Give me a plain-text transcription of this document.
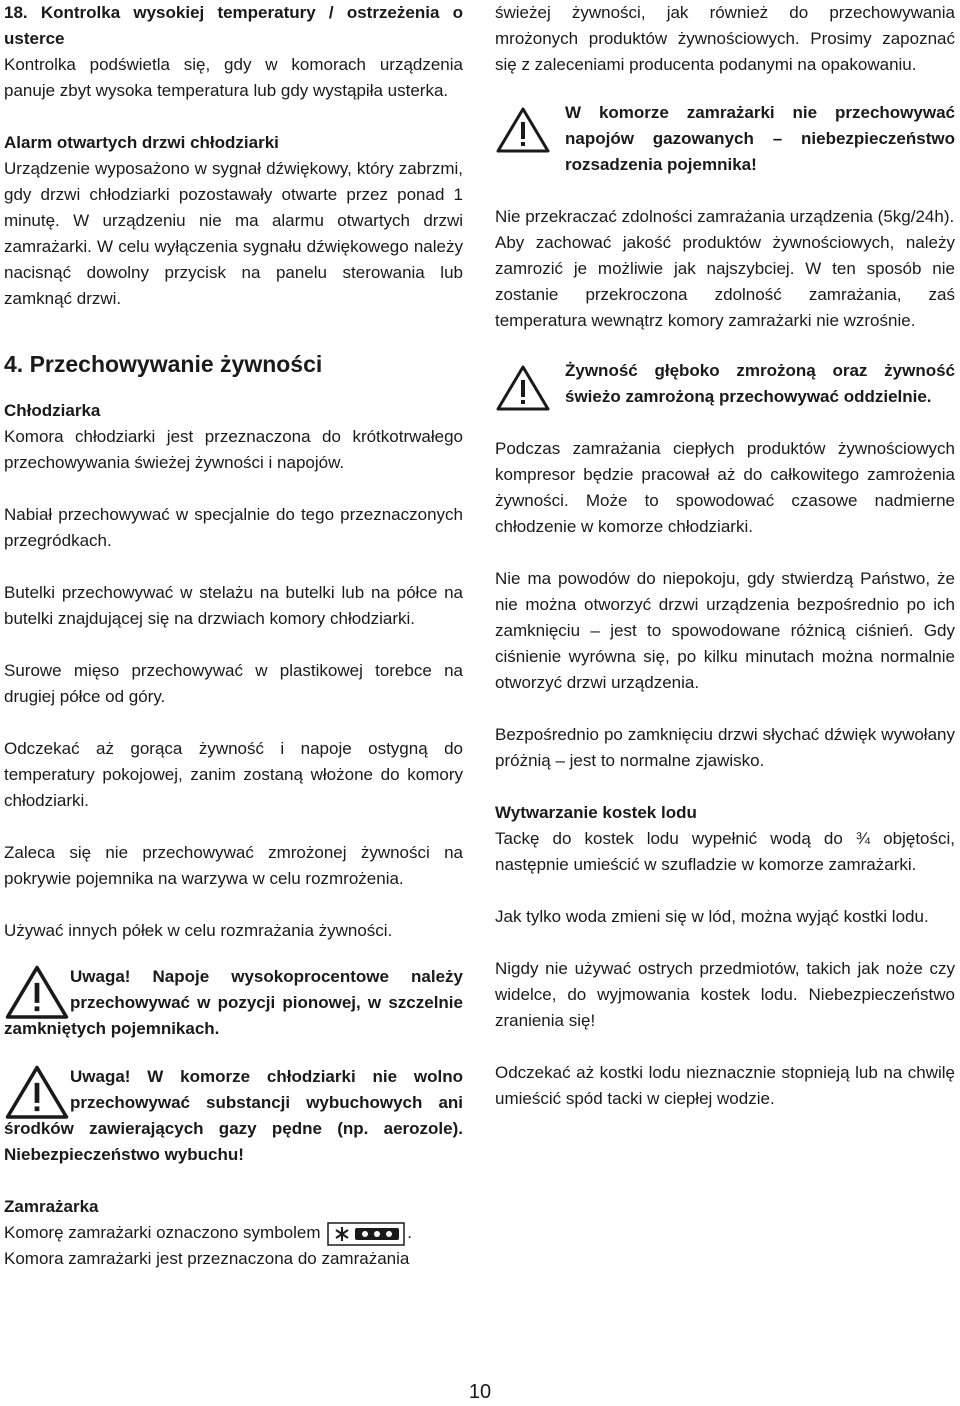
18. Kontrolka wysokiej temperatury / ostrzeżenia o usterce

Kontrolka podświetla się, gdy w komorach urządzenia panuje zbyt wysoka temperatura lub gdy wystąpiła usterka.

Alarm otwartych drzwi chłodziarki

Urządzenie wyposażono w sygnał dźwiękowy, który zabrzmi, gdy drzwi chłodziarki pozostawały otwarte przez ponad 1 minutę. W urządzeniu nie ma alarmu otwartych drzwi zamrażarki. W celu wyłączenia sygnału dźwiękowego należy nacisnąć dowolny przycisk na panelu sterowania lub zamknąć drzwi.

4. Przechowywanie żywności

Chłodziarka

Komora chłodziarki jest przeznaczona do krótkotrwałego przechowywania świeżej żywności i napojów.

Nabiał przechowywać w specjalnie do tego przeznaczonych przegródkach.

Butelki przechowywać w stelażu na butelki lub na półce na butelki znajdującej się na drzwiach komory chłodziarki.

Surowe mięso przechowywać w plastikowej torebce na drugiej półce od góry.

Odczekać aż gorąca żywność i napoje ostygną do temperatury pokojowej, zanim zostaną włożone do komory chłodziarki.

Zaleca się nie przechowywać zmrożonej żywności na pokrywie pojemnika na warzywa w celu rozmrożenia.

Używać innych półek w celu rozmrażania żywności.

Uwaga! Napoje wysokoprocentowe należy przechowywać w pozycji pionowej, w szczelnie zamkniętych pojemnikach.

Uwaga! W komorze chłodziarki nie wolno przechowywać substancji wybuchowych ani środków zawierających gazy pędne (np. aerozole). Niebezpieczeństwo wybuchu!

Zamrażarka

Komorę zamrażarki oznaczono symbolem	.
Komora zamrażarki jest przeznaczona do zamrażania

świeżej żywności, jak również do przechowywania mrożonych produktów żywnościowych. Prosimy zapoznać się z zaleceniami producenta podanymi na opakowaniu.

W komorze zamrażarki nie przechowywać napojów gazowanych – niebezpieczeństwo rozsadzenia pojemnika!

Nie przekraczać zdolności zamrażania urządzenia (5kg/24h).

Aby zachować jakość produktów żywnościowych, należy zamrozić je możliwie jak najszybciej. W ten sposób nie zostanie przekroczona zdolność zamrażania, zaś temperatura wewnątrz komory zamrażarki nie wzrośnie.

Żywność głęboko zmrożoną oraz żywność świeżo zamrożoną przechowywać oddzielnie.

Podczas zamrażania ciepłych produktów żywnościowych kompresor będzie pracował aż do całkowitego zamrożenia żywności. Może to spowodować czasowe nadmierne chłodzenie w komorze chłodziarki.

Nie ma powodów do niepokoju, gdy stwierdzą Państwo, że nie można otworzyć drzwi urządzenia bezpośrednio po ich zamknięciu – jest to spowodowane różnicą ciśnień. Gdy ciśnienie wyrówna się, po kilku minutach można normalnie otworzyć drzwi urządzenia.

Bezpośrednio po zamknięciu drzwi słychać dźwięk wywołany próżnią – jest to normalne zjawisko.

Wytwarzanie kostek lodu

Tackę do kostek lodu wypełnić wodą do ¾ objętości, następnie umieścić w szufladzie w komorze zamrażarki.

Jak tylko woda zmieni się w lód, można wyjąć kostki lodu.

Nigdy nie używać ostrych przedmiotów, takich jak noże czy widelce, do wyjmowania kostek lodu. Niebezpieczeństwo zranienia się!

Odczekać aż kostki lodu nieznacznie stopnieją lub na chwilę umieścić spód tacki w ciepłej wodzie.

10
